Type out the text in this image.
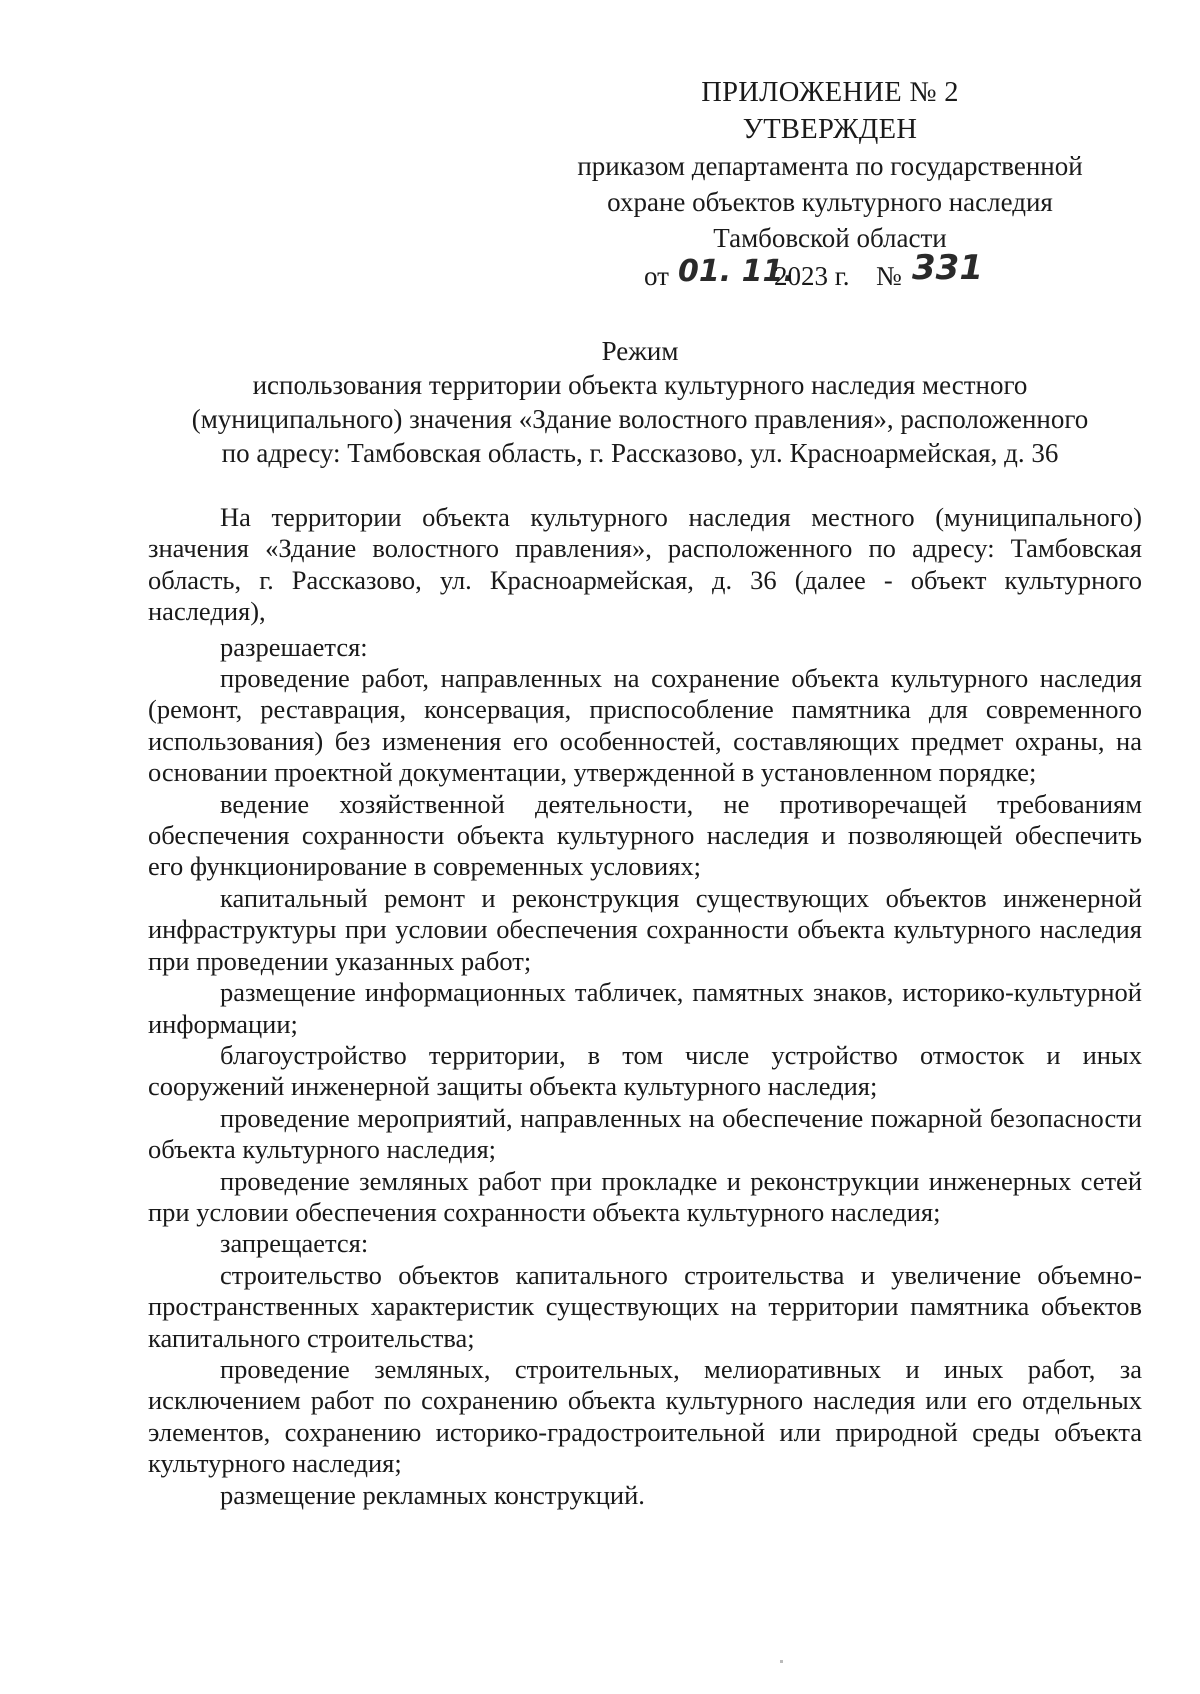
ПРИЛОЖЕНИЕ № 2
УТВЕРЖДЕН
приказом департамента по государственной
охране объектов культурного наследия
Тамбовской области
от 01. 11.
2023 г. № 331
Режим
использования территории объекта культурного наследия местного
(муниципального) значения «Здание волостного правления», расположенного
по адресу: Тамбовская область, г. Рассказово, ул. Красноармейская, д. 36

На территории объекта культурного наследия местного (муниципального) значения «Здание волостного правления», расположенного по адресу: Тамбовская область, г. Рассказово, ул. Красноармейская, д. 36 (далее - объект культурного наследия),

разрешается:

проведение работ, направленных на сохранение объекта культурного наследия (ремонт, реставрация, консервация, приспособление памятника для современного использования) без изменения его особенностей, составляющих предмет охраны, на основании проектной документации, утвержденной в установленном порядке;

ведение хозяйственной деятельности, не противоречащей требованиям обеспечения сохранности объекта культурного наследия и позволяющей обеспечить его функционирование в современных условиях;

капитальный ремонт и реконструкция существующих объектов инженерной инфраструктуры при условии обеспечения сохранности объекта культурного наследия при проведении указанных работ;

размещение информационных табличек, памятных знаков, историко-культурной информации;

благоустройство территории, в том числе устройство отмосток и иных сооружений инженерной защиты объекта культурного наследия;

проведение мероприятий, направленных на обеспечение пожарной безопасности объекта культурного наследия;

проведение земляных работ при прокладке и реконструкции инженерных сетей при условии обеспечения сохранности объекта культурного наследия;

запрещается:

строительство объектов капитального строительства и увеличение объемно-пространственных характеристик существующих на территории памятника объектов капитального строительства;

проведение земляных, строительных, мелиоративных и иных работ, за исключением работ по сохранению объекта культурного наследия или его отдельных элементов, сохранению историко-градостроительной или природной среды объекта культурного наследия;

размещение рекламных конструкций.
